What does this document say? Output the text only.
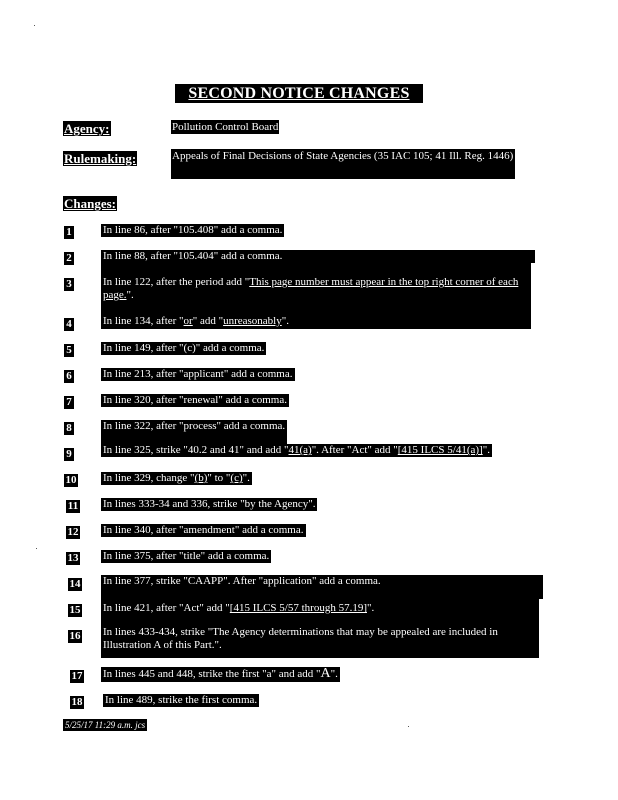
SECOND NOTICE CHANGES
Agency:	Pollution Control Board
Rulemaking:	Appeals of Final Decisions of State Agencies (35 IAC 105; 41 Ill. Reg. 1446)
Changes:
1	In line 86, after "105.408" add a comma.
2	In line 88, after "105.404" add a comma.
3	In line 122, after the period add "This page number must appear in the top right corner of each page.".
4	In line 134, after "or" add "unreasonably".
5	In line 149, after "(c)" add a comma.
6	In line 213, after "applicant" add a comma.
7	In line 320, after "renewal" add a comma.
8	In line 322, after "process" add a comma.
9	In line 325, strike "40.2 and 41" and add "41(a)". After "Act" add "[415 ILCS 5/41(a)]".
10 In line 329, change "(b)" to "(c)".
11 In lines 333-34 and 336, strike "by the Agency".
12 In line 340, after "amendment" add a comma.
13 In line 375, after "title" add a comma.
14 In line 377, strike "CAAPP". After "application" add a comma.
15 In line 421, after "Act" add "[415 ILCS 5/57 through 57.19]".
16 In lines 433-434, strike "The Agency determinations that may be appealed are included in Illustration A of this Part.".
17 In lines 445 and 448, strike the first "a" and add "A".
18 In line 489, strike the first comma.
5/25/17 11:29 a.m. jcs
